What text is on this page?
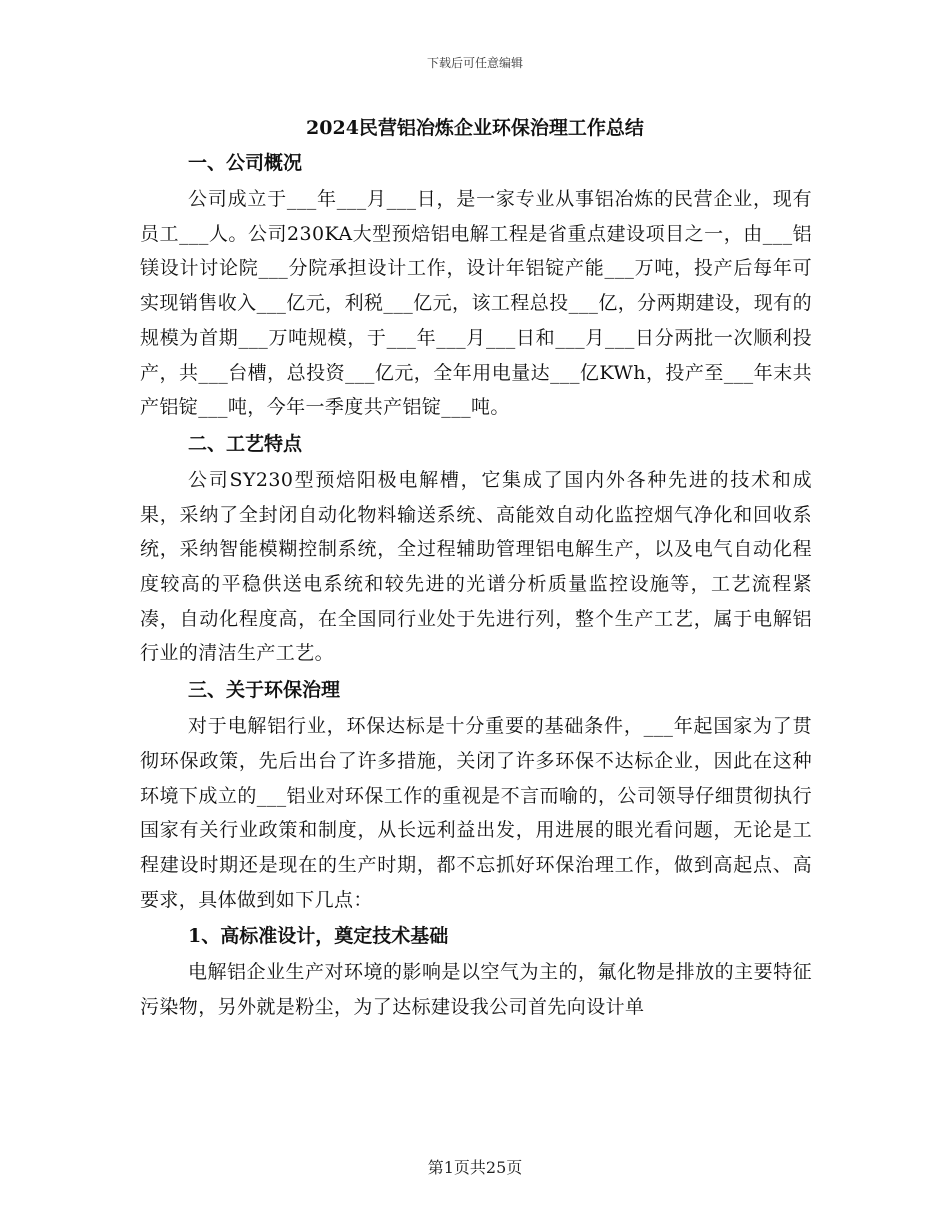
下载后可任意编辑
2024民营铝冶炼企业环保治理工作总结
一、公司概况

公司成立于___年___月___日，是一家专业从事铝冶炼的民营企业，现有员工___人。公司230KA大型预焙铝电解工程是省重点建设项目之一，由___铝镁设计讨论院___分院承担设计工作，设计年铝锭产能___万吨，投产后每年可实现销售收入___亿元，利税___亿元，该工程总投___亿，分两期建设，现有的规模为首期___万吨规模，于___年___月___日和___月___日分两批一次顺利投产，共___台槽，总投资___亿元，全年用电量达___亿KWh，投产至___年末共产铝锭___吨，今年一季度共产铝锭___吨。

二、工艺特点

公司SY230型预焙阳极电解槽，它集成了国内外各种先进的技术和成果，采纳了全封闭自动化物料输送系统、高能效自动化监控烟气净化和回收系统，采纳智能模糊控制系统，全过程辅助管理铝电解生产，以及电气自动化程度较高的平稳供送电系统和较先进的光谱分析质量监控设施等，工艺流程紧凑，自动化程度高，在全国同行业处于先进行列，整个生产工艺，属于电解铝行业的清洁生产工艺。

三、关于环保治理

对于电解铝行业，环保达标是十分重要的基础条件，___年起国家为了贯彻环保政策，先后出台了许多措施，关闭了许多环保不达标企业，因此在这种环境下成立的___铝业对环保工作的重视是不言而喻的，公司领导仔细贯彻执行国家有关行业政策和制度，从长远利益出发，用进展的眼光看问题，无论是工程建设时期还是现在的生产时期，都不忘抓好环保治理工作，做到高起点、高要求，具体做到如下几点：

1、高标准设计，奠定技术基础

电解铝企业生产对环境的影响是以空气为主的，氟化物是排放的主要特征污染物，另外就是粉尘，为了达标建设我公司首先向设计单

第1页共25页
